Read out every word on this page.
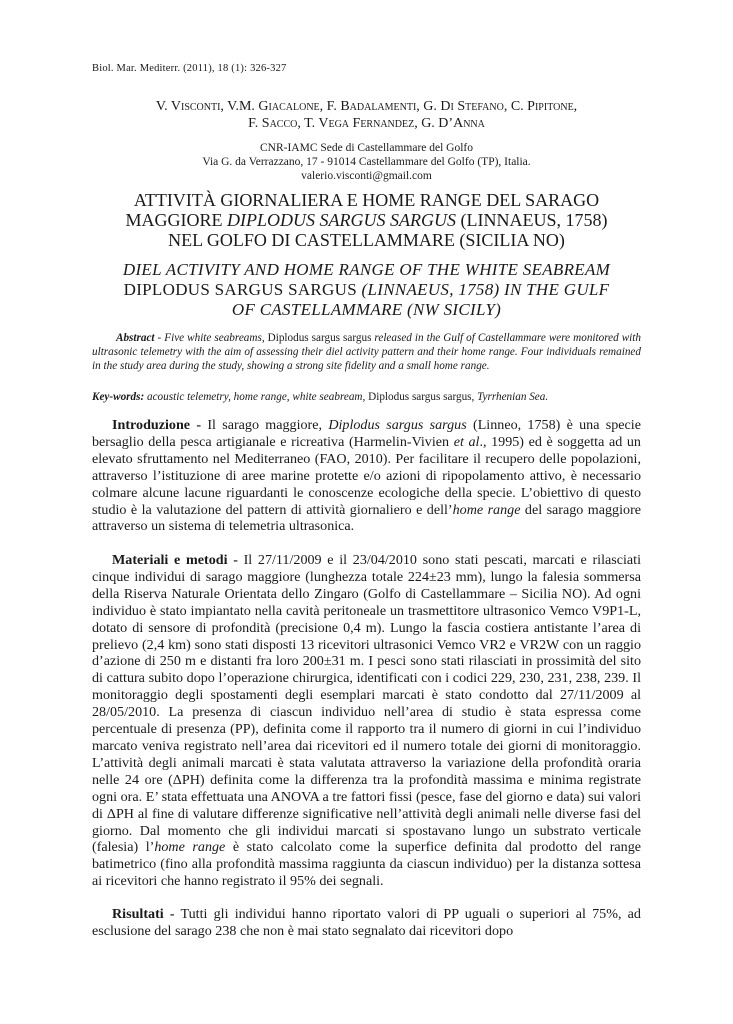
Biol. Mar. Mediterr. (2011), 18 (1): 326-327
V. Visconti, V.M. Giacalone, F. Badalamenti, G. Di Stefano, C. Pipitone,
F. Sacco, T. Vega Fernandez, G. D’Anna
CNR-IAMC Sede di Castellammare del Golfo
Via G. da Verrazzano, 17 - 91014 Castellammare del Golfo (TP), Italia.
valerio.visconti@gmail.com
ATTIVITÀ GIORNALIERA E HOME RANGE DEL SARAGO
MAGGIORE DIPLODUS SARGUS SARGUS (LINNAEUS, 1758)
NEL GOLFO DI CASTELLAMMARE (SICILIA NO)
DIEL ACTIVITY AND HOME RANGE OF THE WHITE SEABREAM
DIPLODUS SARGUS SARGUS (LINNAEUS, 1758) IN THE GULF
OF CASTELLAMMARE (NW SICILY)
Abstract - Five white seabreams, Diplodus sargus sargus released in the Gulf of Castellammare were monitored with ultrasonic telemetry with the aim of assessing their diel activity pattern and their home range. Four individuals remained in the study area during the study, showing a strong site fidelity and a small home range.
Key-words: acoustic telemetry, home range, white seabream, Diplodus sargus sargus, Tyrrhenian Sea.
Introduzione - Il sarago maggiore, Diplodus sargus sargus (Linneo, 1758) è una specie bersaglio della pesca artigianale e ricreativa (Harmelin-Vivien et al., 1995) ed è soggetta ad un elevato sfruttamento nel Mediterraneo (FAO, 2010). Per facilitare il recupero delle popolazioni, attraverso l’istituzione di aree marine protette e/o azioni di ripopolamento attivo, è necessario colmare alcune lacune riguardanti le conoscenze ecologiche della specie. L’obiettivo di questo studio è la valutazione del pattern di attività giornaliero e dell’home range del sarago maggiore attraverso un sistema di telemetria ultrasonica.
Materiali e metodi - Il 27/11/2009 e il 23/04/2010 sono stati pescati, marcati e rilasciati cinque individui di sarago maggiore (lunghezza totale 224±23 mm), lungo la falesia sommersa della Riserva Naturale Orientata dello Zingaro (Golfo di Castellammare – Sicilia NO). Ad ogni individuo è stato impiantato nella cavità peritoneale un trasmettitore ultrasonico Vemco V9P1-L, dotato di sensore di profondità (precisione 0,4 m). Lungo la fascia costiera antistante l’area di prelievo (2,4 km) sono stati disposti 13 ricevitori ultrasonici Vemco VR2 e VR2W con un raggio d’azione di 250 m e distanti fra loro 200±31 m. I pesci sono stati rilasciati in prossimità del sito di cattura subito dopo l’operazione chirurgica, identificati con i codici 229, 230, 231, 238, 239. Il monitoraggio degli spostamenti degli esemplari marcati è stato condotto dal 27/11/2009 al 28/05/2010. La presenza di ciascun individuo nell’area di studio è stata espressa come percentuale di presenza (PP), definita come il rapporto tra il numero di giorni in cui l’individuo marcato veniva registrato nell’area dai ricevitori ed il numero totale dei giorni di monitoraggio. L’attività degli animali marcati è stata valutata attraverso la variazione della profondità oraria nelle 24 ore (ΔPH) definita come la differenza tra la profondità massima e minima registrate ogni ora. E’ stata effettuata una ANOVA a tre fattori fissi (pesce, fase del giorno e data) sui valori di ΔPH al fine di valutare differenze significative nell’attività degli animali nelle diverse fasi del giorno. Dal momento che gli individui marcati si spostavano lungo un substrato verticale (falesia) l’home range è stato calcolato come la superfice definita dal prodotto del range batimetrico (fino alla profondità massima raggiunta da ciascun individuo) per la distanza sottesa ai ricevitori che hanno registrato il 95% dei segnali.
Risultati - Tutti gli individui hanno riportato valori di PP uguali o superiori al 75%, ad esclusione del sarago 238 che non è mai stato segnalato dai ricevitori dopo
